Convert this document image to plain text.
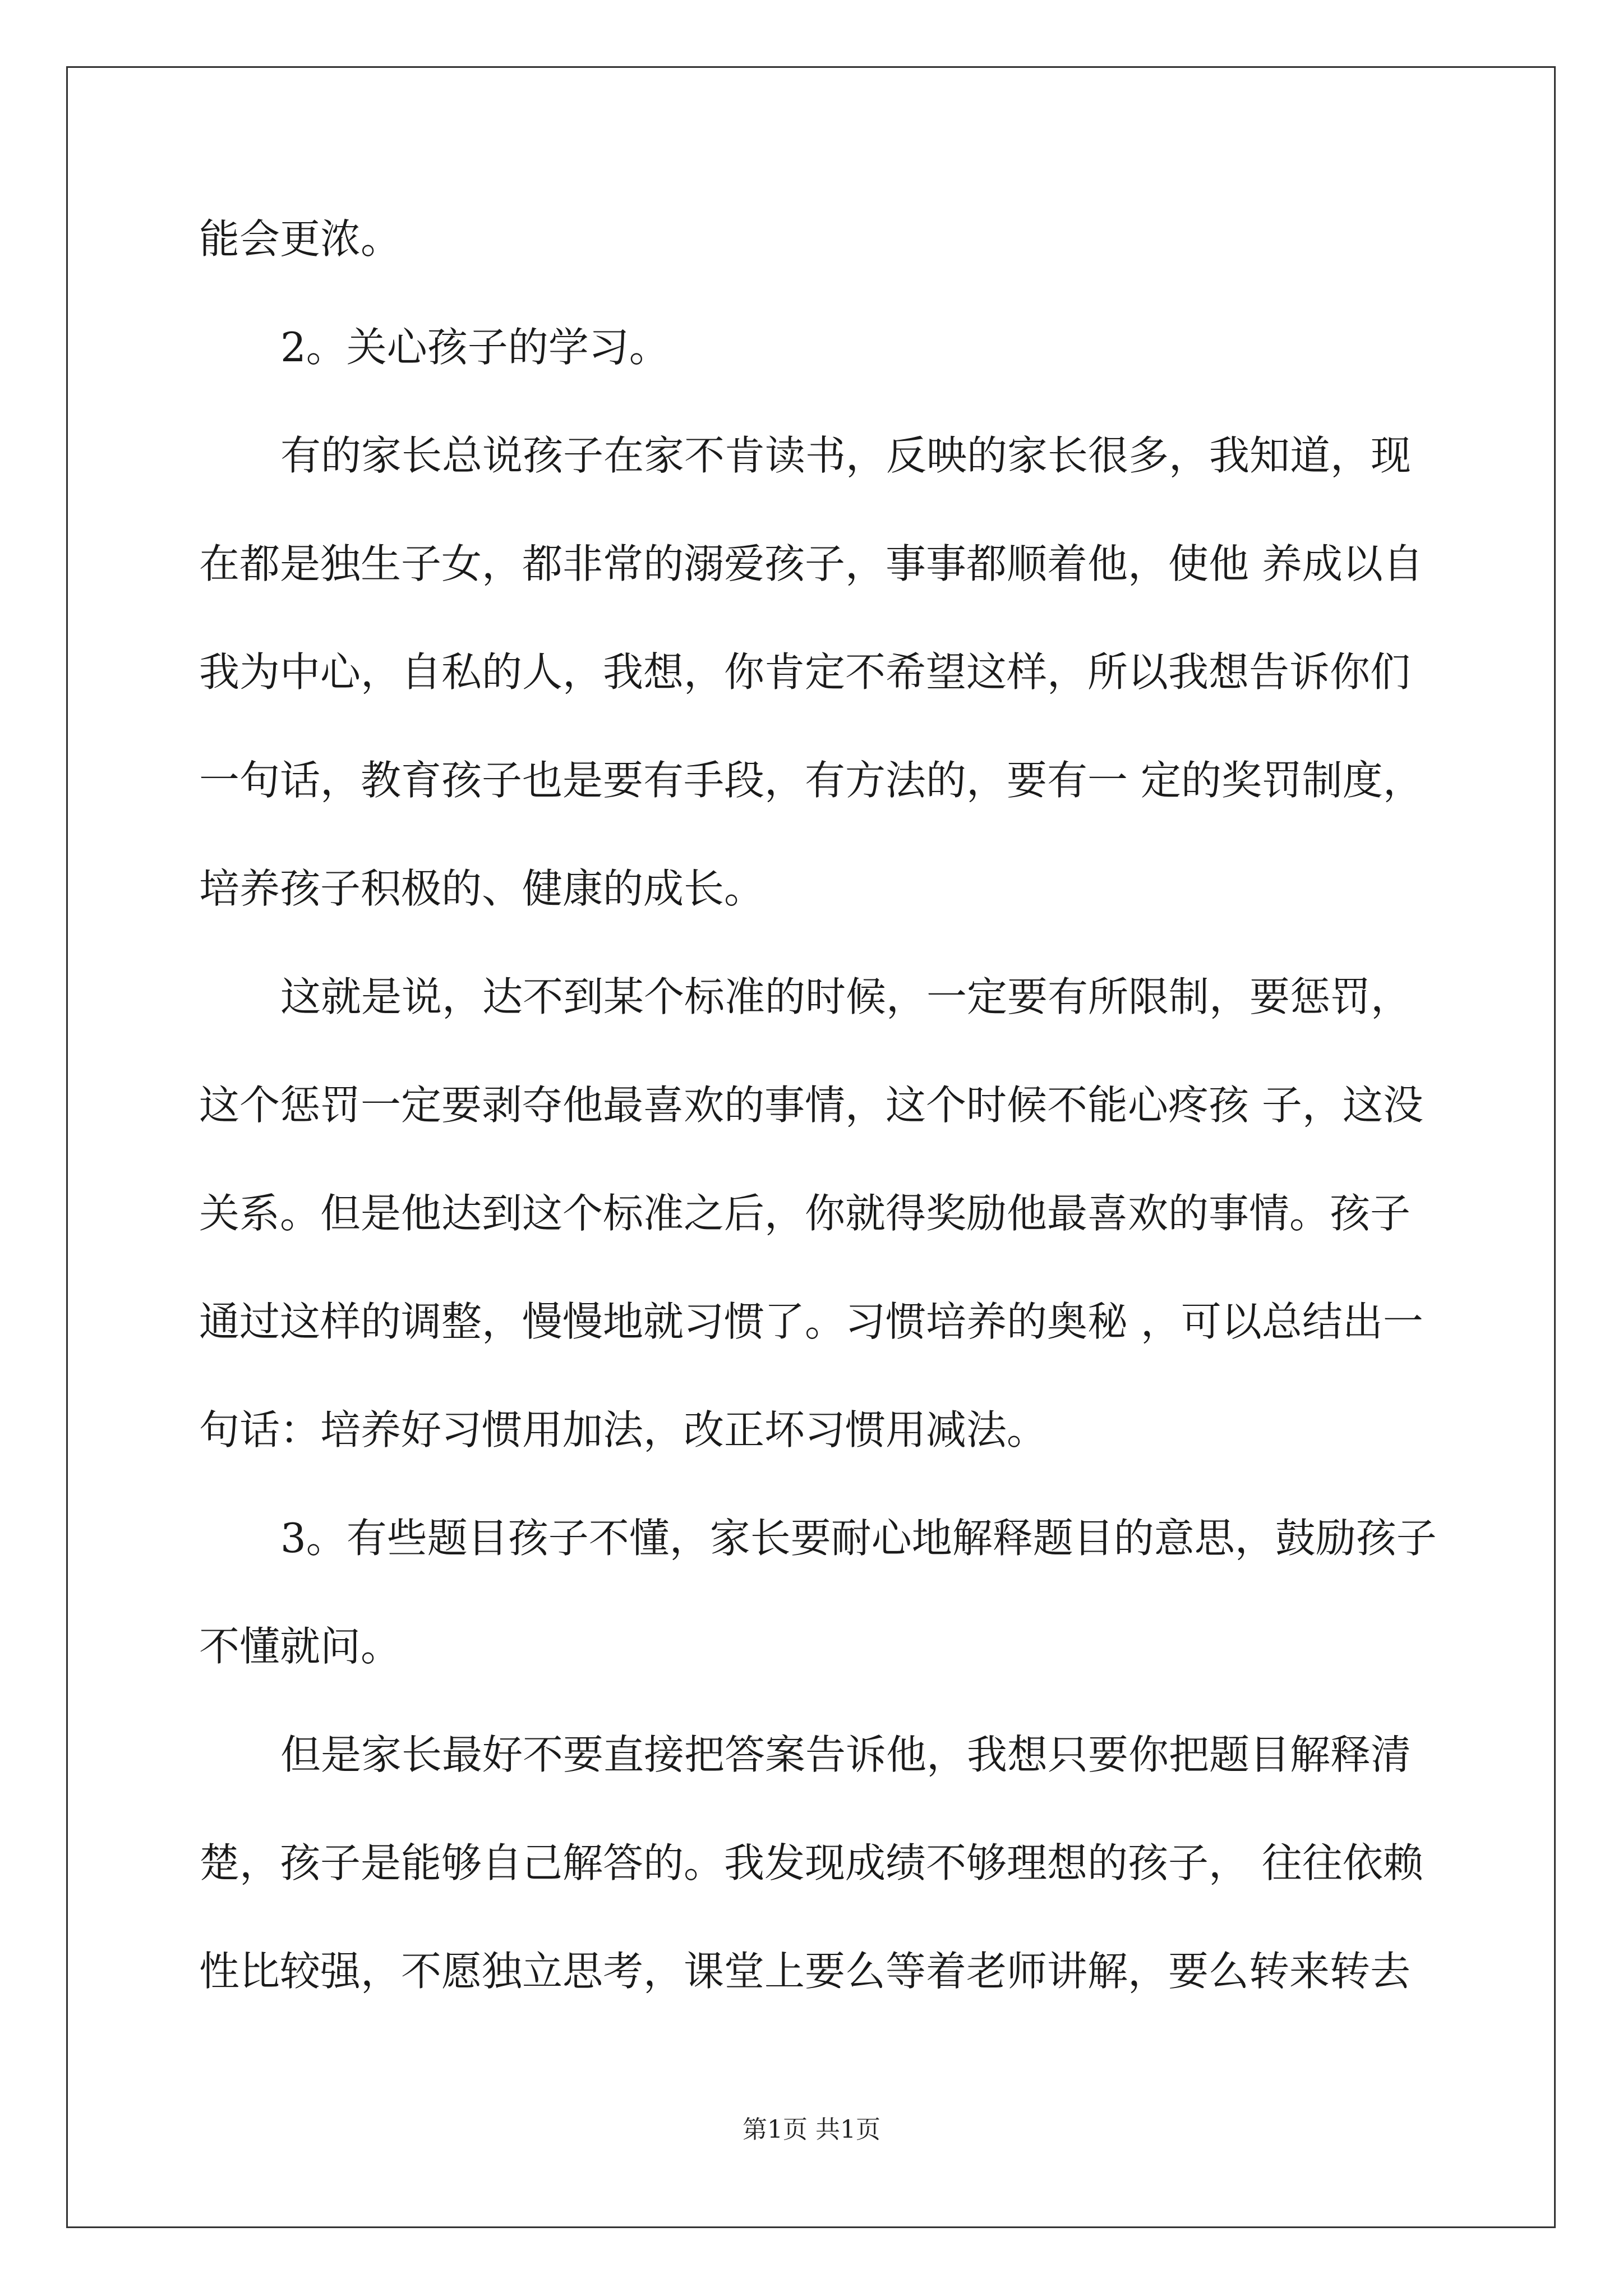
能会更浓。
2。关心孩子的学习。
有的家长总说孩子在家不肯读书，反映的家长很多，我知道，现
在都是独生子女，都非常的溺爱孩子，事事都顺着他，使他 养成以自
我为中心，自私的人，我想，你肯定不希望这样，所以我想告诉你们
一句话，教育孩子也是要有手段，有方法的，要有一 定的奖罚制度，
培养孩子积极的、健康的成长。
这就是说，达不到某个标准的时候，一定要有所限制，要惩罚，
这个惩罚一定要剥夺他最喜欢的事情，这个时候不能心疼孩 子，这没
关系。但是他达到这个标准之后，你就得奖励他最喜欢的事情。孩子
通过这样的调整，慢慢地就习惯了。习惯培养的奥秘 ，可以总结出一
句话：培养好习惯用加法，改正坏习惯用减法。
3。有些题目孩子不懂，家长要耐心地解释题目的意思，鼓励孩子
不懂就问。
但是家长最好不要直接把答案告诉他，我想只要你把题目解释清
楚，孩子是能够自己解答的。我发现成绩不够理想的孩子， 往往依赖
性比较强，不愿独立思考，课堂上要么等着老师讲解，要么转来转去
第1页 共1页
